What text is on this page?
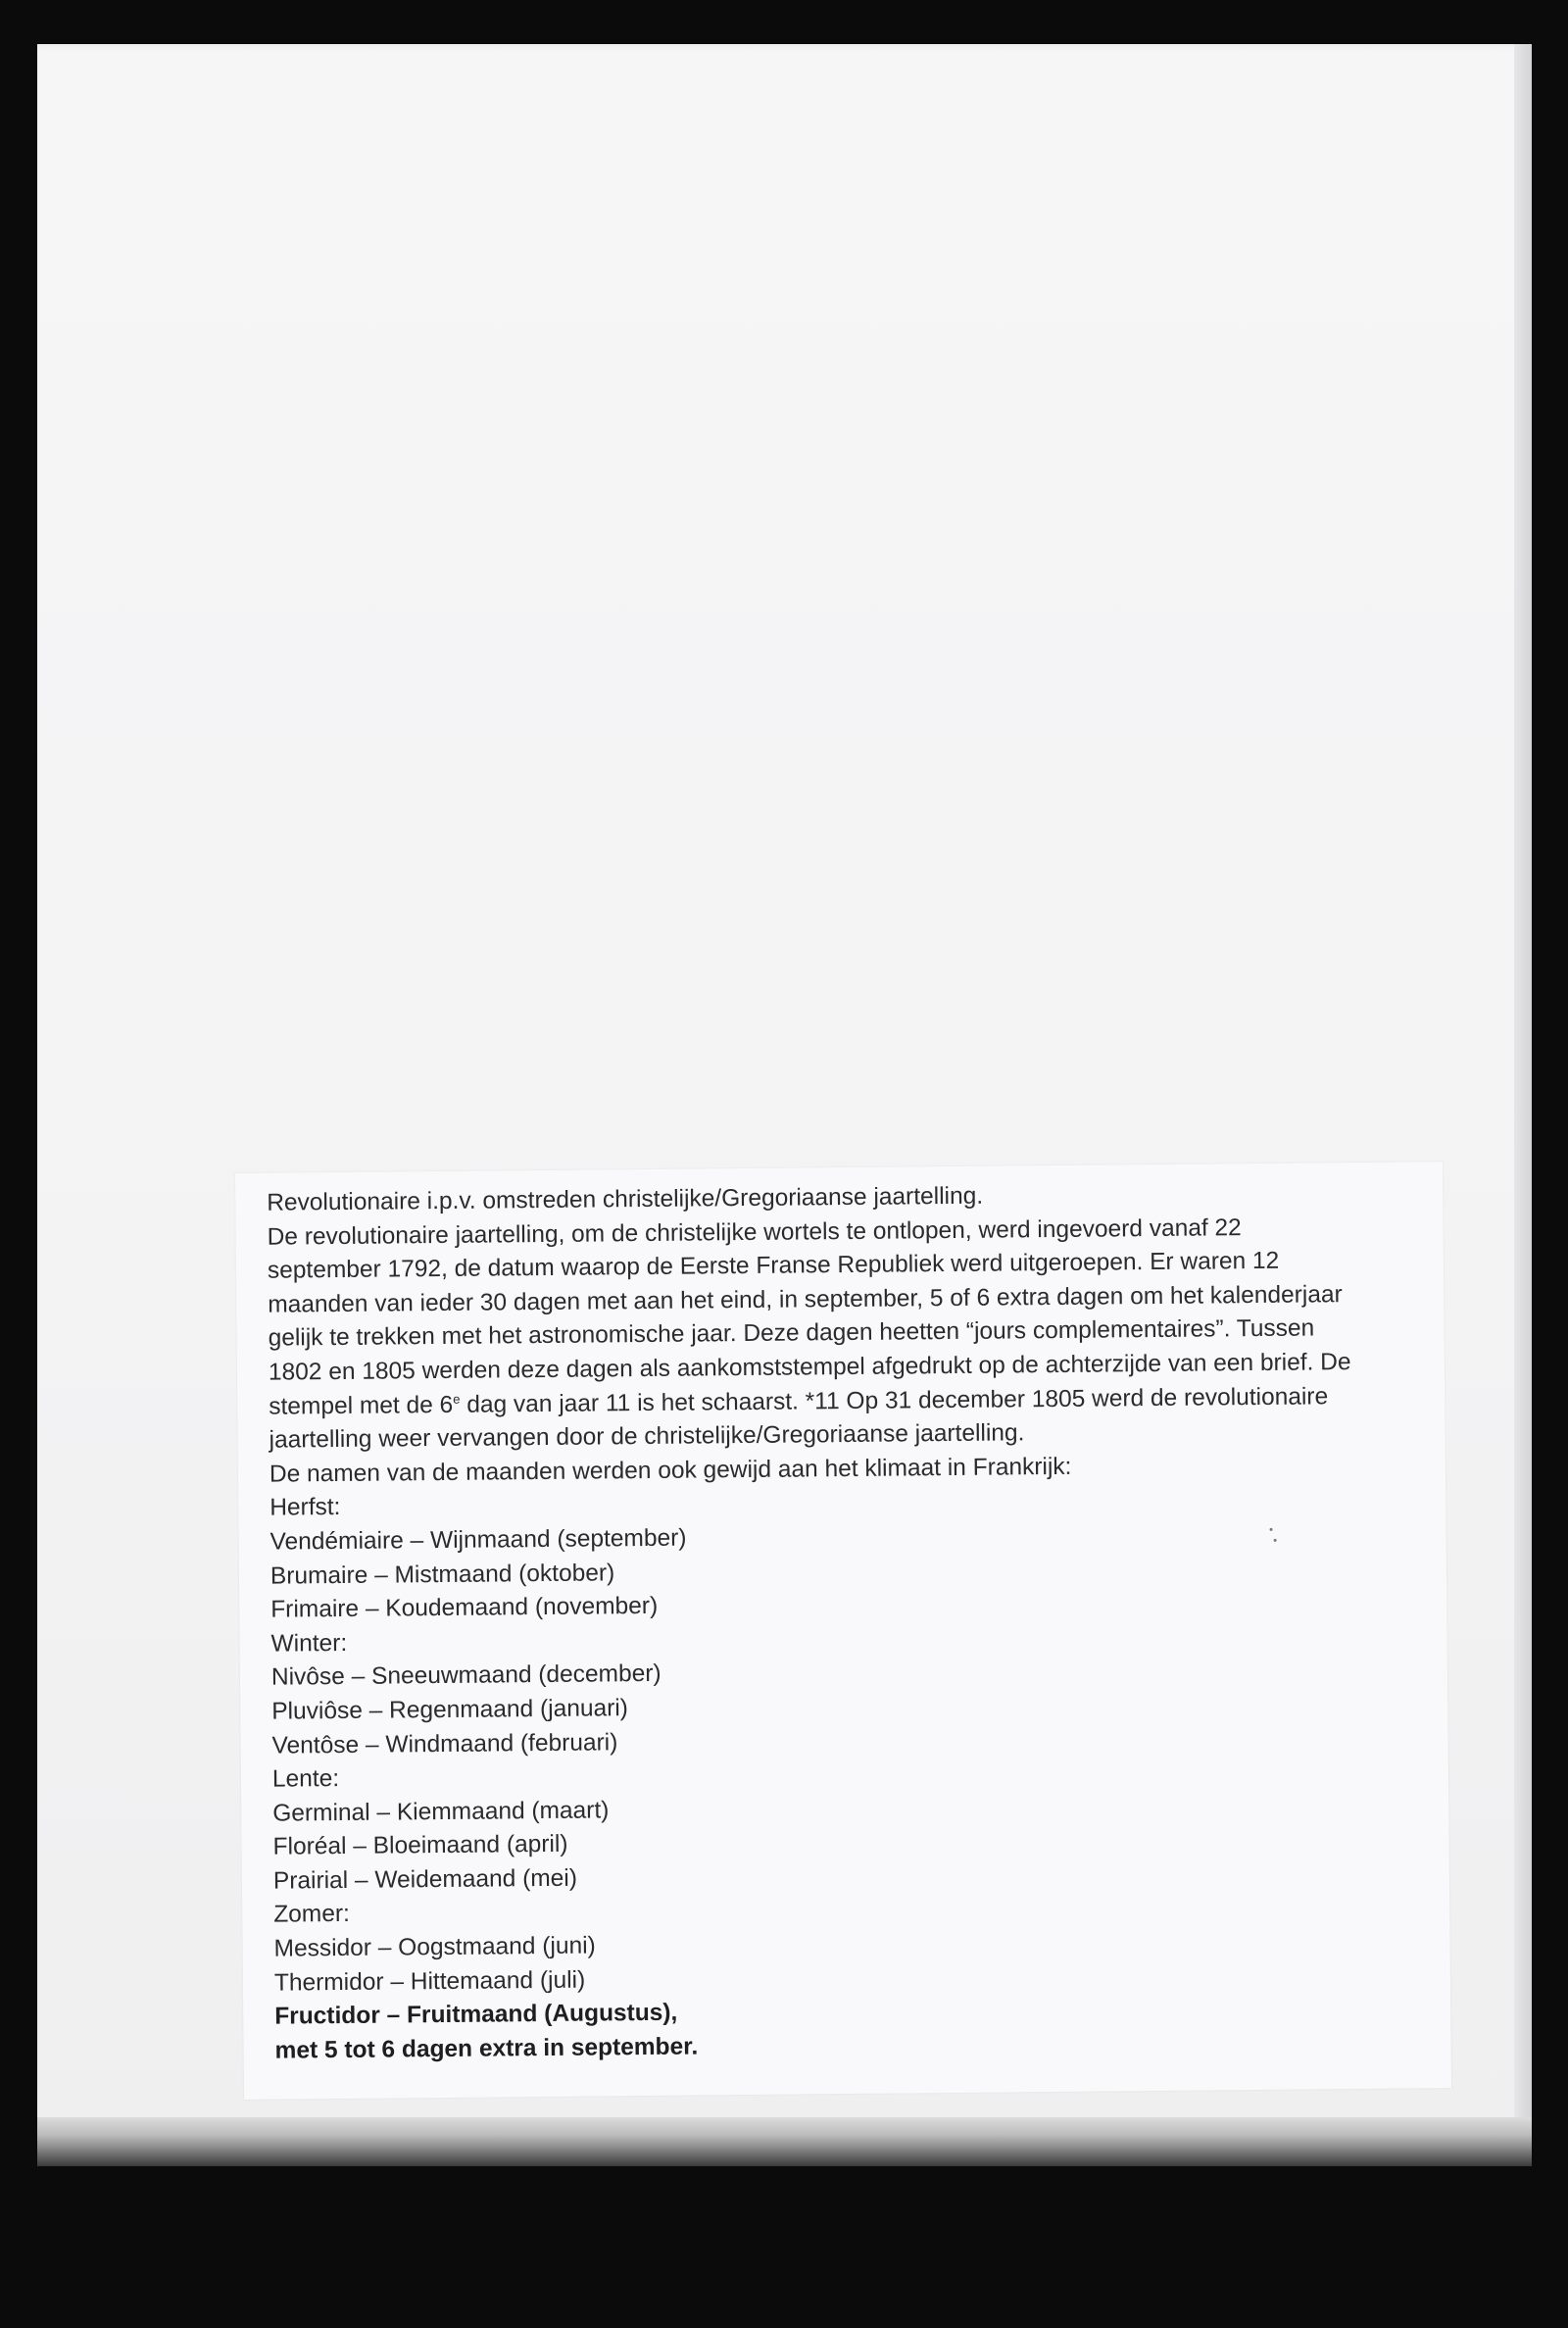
Revolutionaire i.p.v. omstreden christelijke/Gregoriaanse jaartelling.

De revolutionaire jaartelling, om de christelijke wortels te ontlopen, werd ingevoerd vanaf 22

september 1792, de datum waarop de Eerste Franse Republiek werd uitgeroepen. Er waren 12

maanden van ieder 30 dagen met aan het eind, in september, 5 of 6 extra dagen om het kalenderjaar

gelijk te trekken met het astronomische jaar. Deze dagen heetten “jours complementaires”. Tussen

1802 en 1805 werden deze dagen als aankomststempel afgedrukt op de achterzijde van een brief. De

stempel met de 6e dag van jaar 11 is het schaarst. *11 Op 31 december 1805 werd de revolutionaire

jaartelling weer vervangen door de christelijke/Gregoriaanse jaartelling.

De namen van de maanden werden ook gewijd aan het klimaat in Frankrijk:

Herfst:

Vendémiaire – Wijnmaand (september)

Brumaire – Mistmaand (oktober)

Frimaire – Koudemaand (november)

Winter:

Nivôse – Sneeuwmaand (december)

Pluviôse – Regenmaand (januari)

Ventôse – Windmaand (februari)

Lente:

Germinal – Kiemmaand (maart)

Floréal – Bloeimaand (april)

Prairial – Weidemaand (mei)

Zomer:

Messidor – Oogstmaand (juni)

Thermidor – Hittemaand (juli)

Fructidor – Fruitmaand (Augustus),

met 5 tot 6 dagen extra in september.
